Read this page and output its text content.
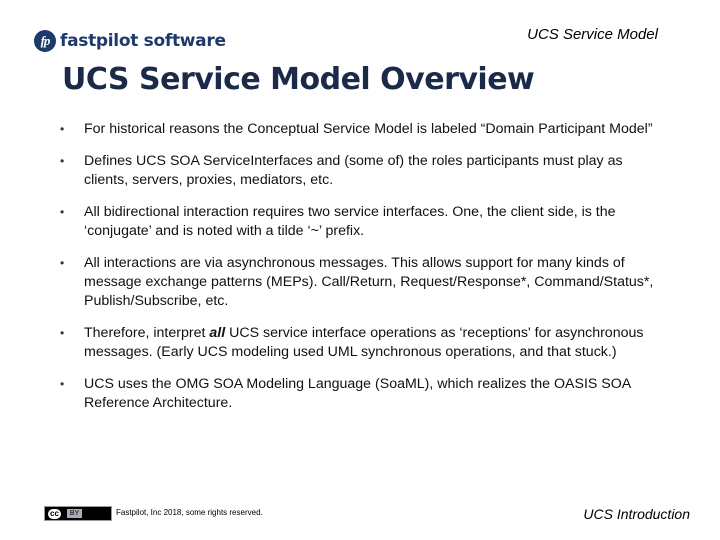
fp fastpilot software	UCS Service Model
UCS Service Model Overview
• For historical reasons the Conceptual Service Model is labeled “Domain Participant Model”
• Defines UCS SOA ServiceInterfaces and (some of) the roles participants must play as clients, servers, proxies, mediators, etc.
• All bidirectional interaction requires two service interfaces. One, the client side, is the ‘conjugate’ and is noted with a tilde ‘~’ prefix.
• All interactions are via asynchronous messages. This allows support for many kinds of message exchange patterns (MEPs). Call/Return, Request/Response*, Command/Status*, Publish/Subscribe, etc.
• Therefore, interpret all UCS service interface operations as ‘receptions' for asynchronous messages. (Early UCS modeling used UML synchronous operations, and that stuck.)
• UCS uses the OMG SOA Modeling Language (SoaML), which realizes the OASIS SOA Reference Architecture.
cc	BY	Fastpilot, Inc 2018, some rights reserved.	UCS Introduction
